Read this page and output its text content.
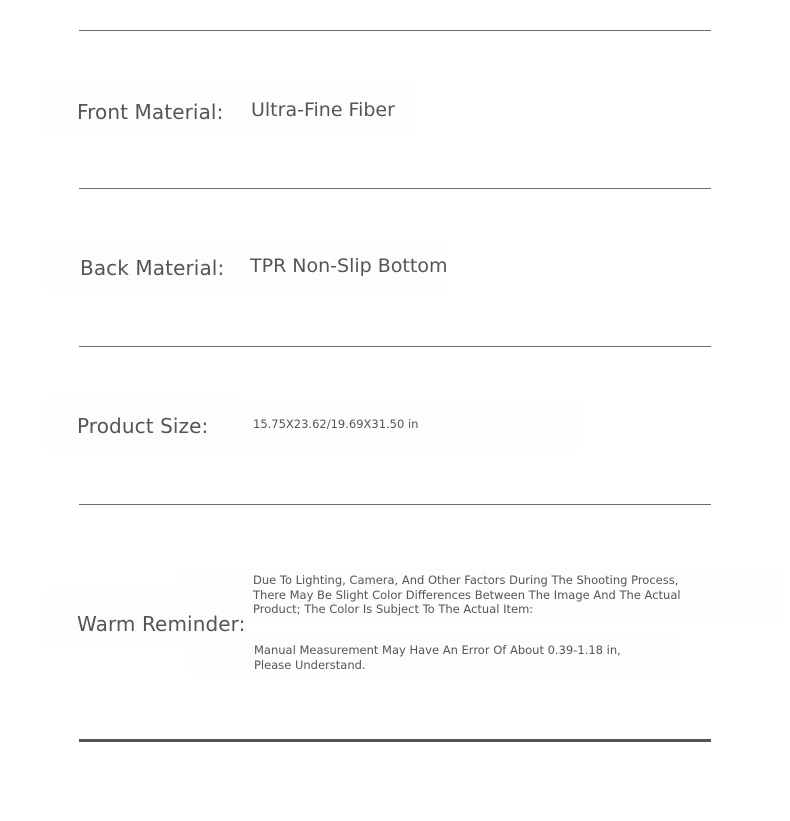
Front Material: Ultra-Fine Fiber
Back Material: TPR Non-Slip Bottom
Product Size:	15.75X23.62/19.69X31.50 in
Warm Reminder:
Due To Lighting, Camera, And Other Factors During The Shooting Process,
There May Be Slight Color Differences Between The Image And The Actual
Product; The Color Is Subject To The Actual Item:
Manual Measurement May Have An Error Of About 0.39-1.18 in,
Please Understand.
